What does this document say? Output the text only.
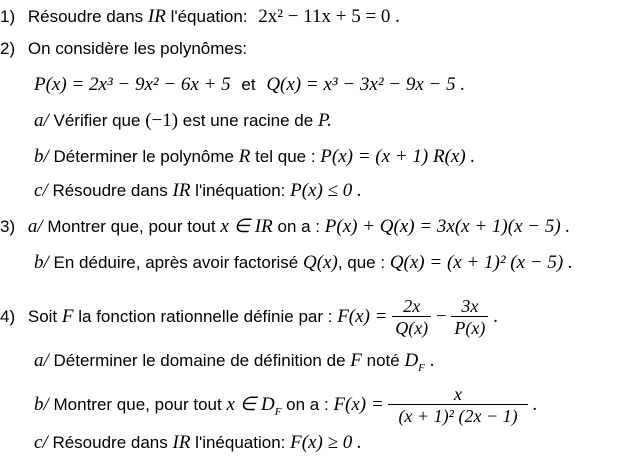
1) Résoudre dans IR l'équation: 2x² − 11x + 5 = 0 .
2) On considère les polynômes:
P(x) = 2x³ − 9x² − 6x + 5 et Q(x) = x³ − 3x² − 9x − 5 .
a/ Vérifier que (−1) est une racine de P.
b/ Déterminer le polynôme R tel que : P(x) = (x + 1) R(x) .
c/ Résoudre dans IR l'inéquation: P(x) ≤ 0 .
3) a/ Montrer que, pour tout x ∈ IR on a : P(x) + Q(x) = 3x(x + 1)(x − 5) .
b/ En déduire, après avoir factorisé Q(x), que : Q(x) = (x + 1)² (x − 5) .
4) Soit F la fonction rationnelle définie par : $F(x) = \frac{2x}{Q(x)} - \frac{3x}{P(x)}$ .
a/ Déterminer le domaine de définition de F noté $D_F$ .
b/ Montrer que, pour tout x ∈ $D_F$ on a : $F(x) = \frac{x}{\text{(x + 1)² (2x − 1)}}$ .
c/ Résoudre dans IR l'inéquation: F(x) ≥ 0 .
